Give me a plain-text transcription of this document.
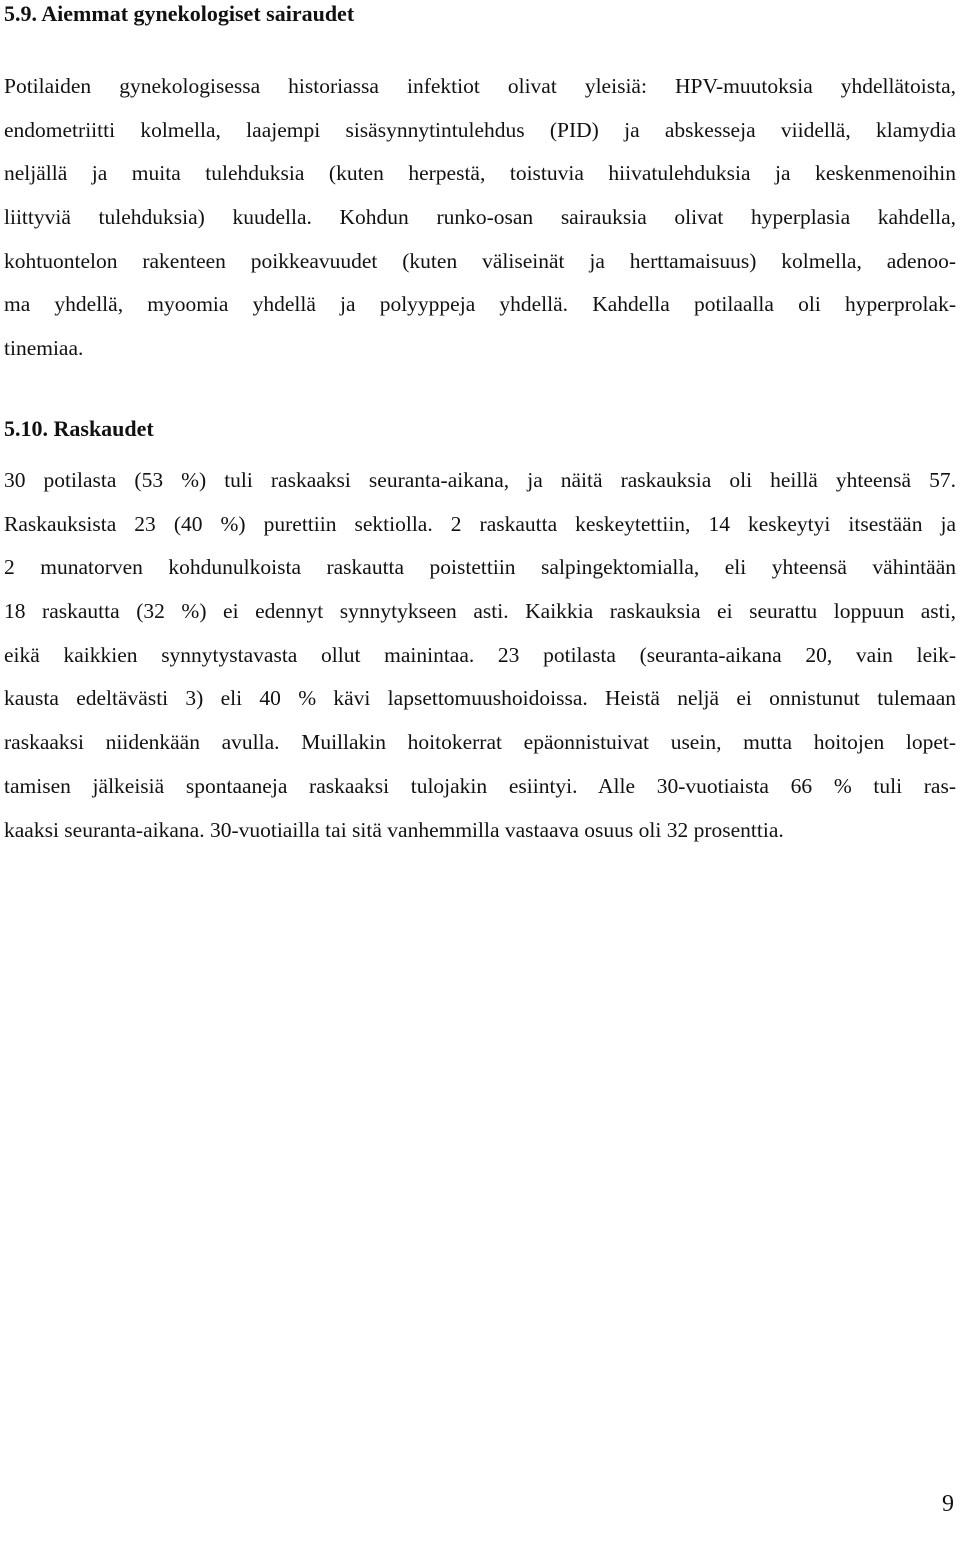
5.9. Aiemmat gynekologiset sairaudet
Potilaiden gynekologisessa historiassa infektiot olivat yleisiä: HPV-muutoksia yhdellätoista,
endometriitti kolmella, laajempi sisäsynnytintulehdus (PID) ja abskesseja viidellä, klamydia
neljällä ja muita tulehduksia (kuten herpestä, toistuvia hiivatulehduksia ja keskenmenoihin
liittyviä tulehduksia) kuudella. Kohdun runko-osan sairauksia olivat hyperplasia kahdella,
kohtuontelon rakenteen poikkeavuudet (kuten väliseinät ja herttamaisuus) kolmella, adenoo-
ma yhdellä, myoomia yhdellä ja polyyppeja yhdellä. Kahdella potilaalla oli hyperprolak-
tinemiaa.
5.10. Raskaudet
30 potilasta (53 %) tuli raskaaksi seuranta-aikana, ja näitä raskauksia oli heillä yhteensä 57.
Raskauksista 23 (40 %) purettiin sektiolla. 2 raskautta keskeytettiin, 14 keskeytyi itsestään ja
2 munatorven kohdunulkoista raskautta poistettiin salpingektomialla, eli yhteensä vähintään
18 raskautta (32 %) ei edennyt synnytykseen asti. Kaikkia raskauksia ei seurattu loppuun asti,
eikä kaikkien synnytystavasta ollut mainintaa. 23 potilasta (seuranta-aikana 20, vain leik-
kausta edeltävästi 3) eli 40 % kävi lapsettomuushoidoissa. Heistä neljä ei onnistunut tulemaan
raskaaksi niidenkään avulla. Muillakin hoitokerrat epäonnistuivat usein, mutta hoitojen lopet-
tamisen jälkeisiä spontaaneja raskaaksi tulojakin esiintyi. Alle 30-vuotiaista 66 % tuli ras-
kaaksi seuranta-aikana. 30-vuotiailla tai sitä vanhemmilla vastaava osuus oli 32 prosenttia.
9
